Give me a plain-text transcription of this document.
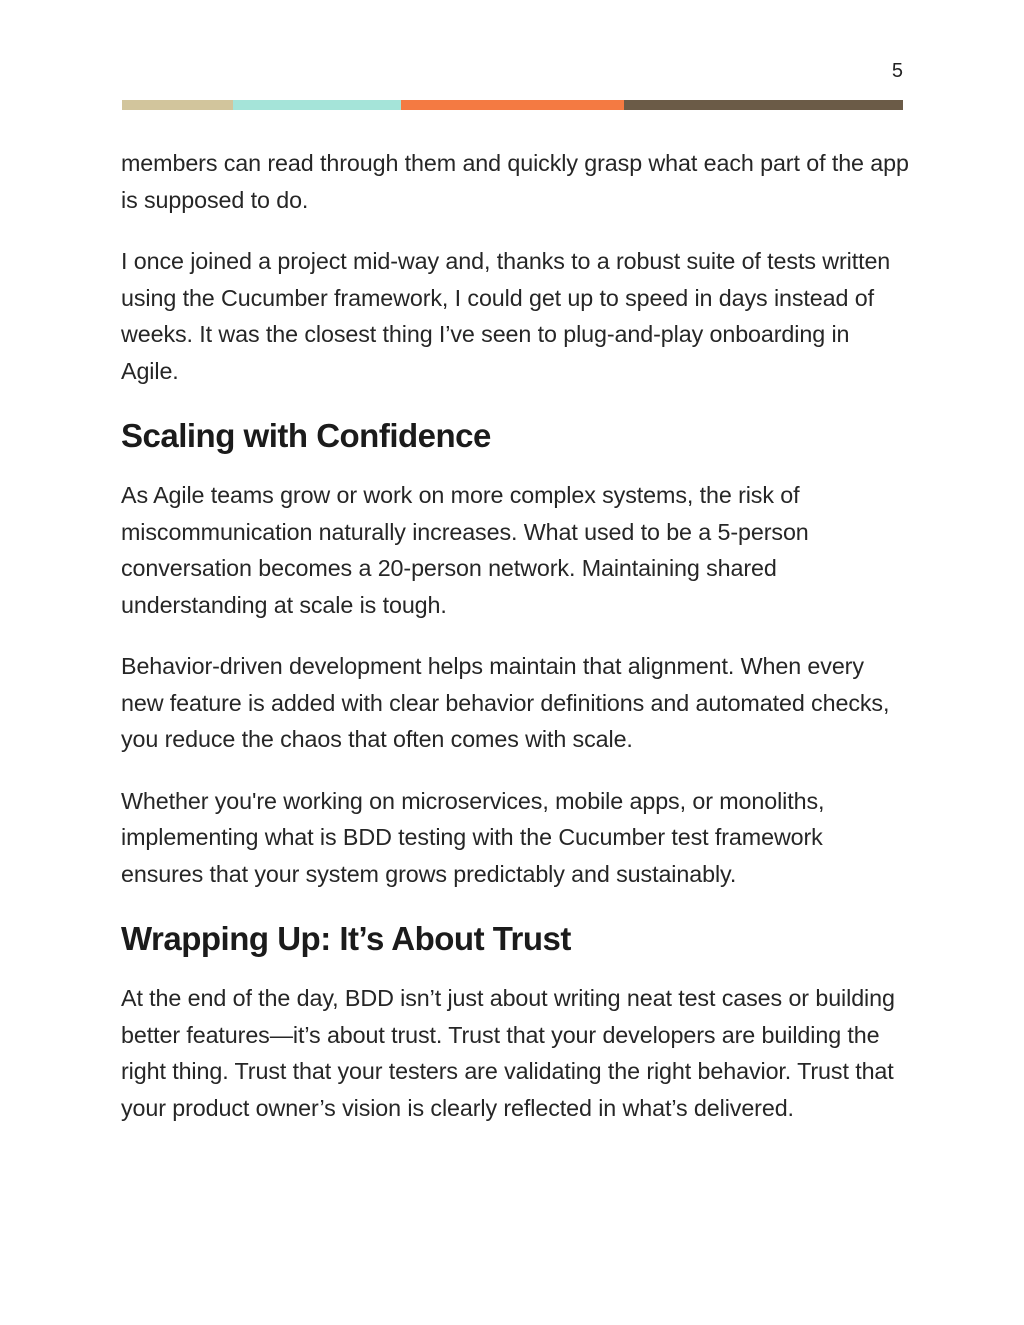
5

members can read through them and quickly grasp what each part of the app is supposed to do.

I once joined a project mid-way and, thanks to a robust suite of tests written using the Cucumber framework, I could get up to speed in days instead of weeks. It was the closest thing I’ve seen to plug-and-play onboarding in Agile.

Scaling with Confidence

As Agile teams grow or work on more complex systems, the risk of miscommunication naturally increases. What used to be a 5-person conversation becomes a 20-person network. Maintaining shared understanding at scale is tough.

Behavior-driven development helps maintain that alignment. When every new feature is added with clear behavior definitions and automated checks, you reduce the chaos that often comes with scale.

Whether you're working on microservices, mobile apps, or monoliths, implementing what is BDD testing with the Cucumber test framework ensures that your system grows predictably and sustainably.

Wrapping Up: It’s About Trust

At the end of the day, BDD isn’t just about writing neat test cases or building better features—it’s about trust. Trust that your developers are building the right thing. Trust that your testers are validating the right behavior. Trust that your product owner’s vision is clearly reflected in what’s delivered.
